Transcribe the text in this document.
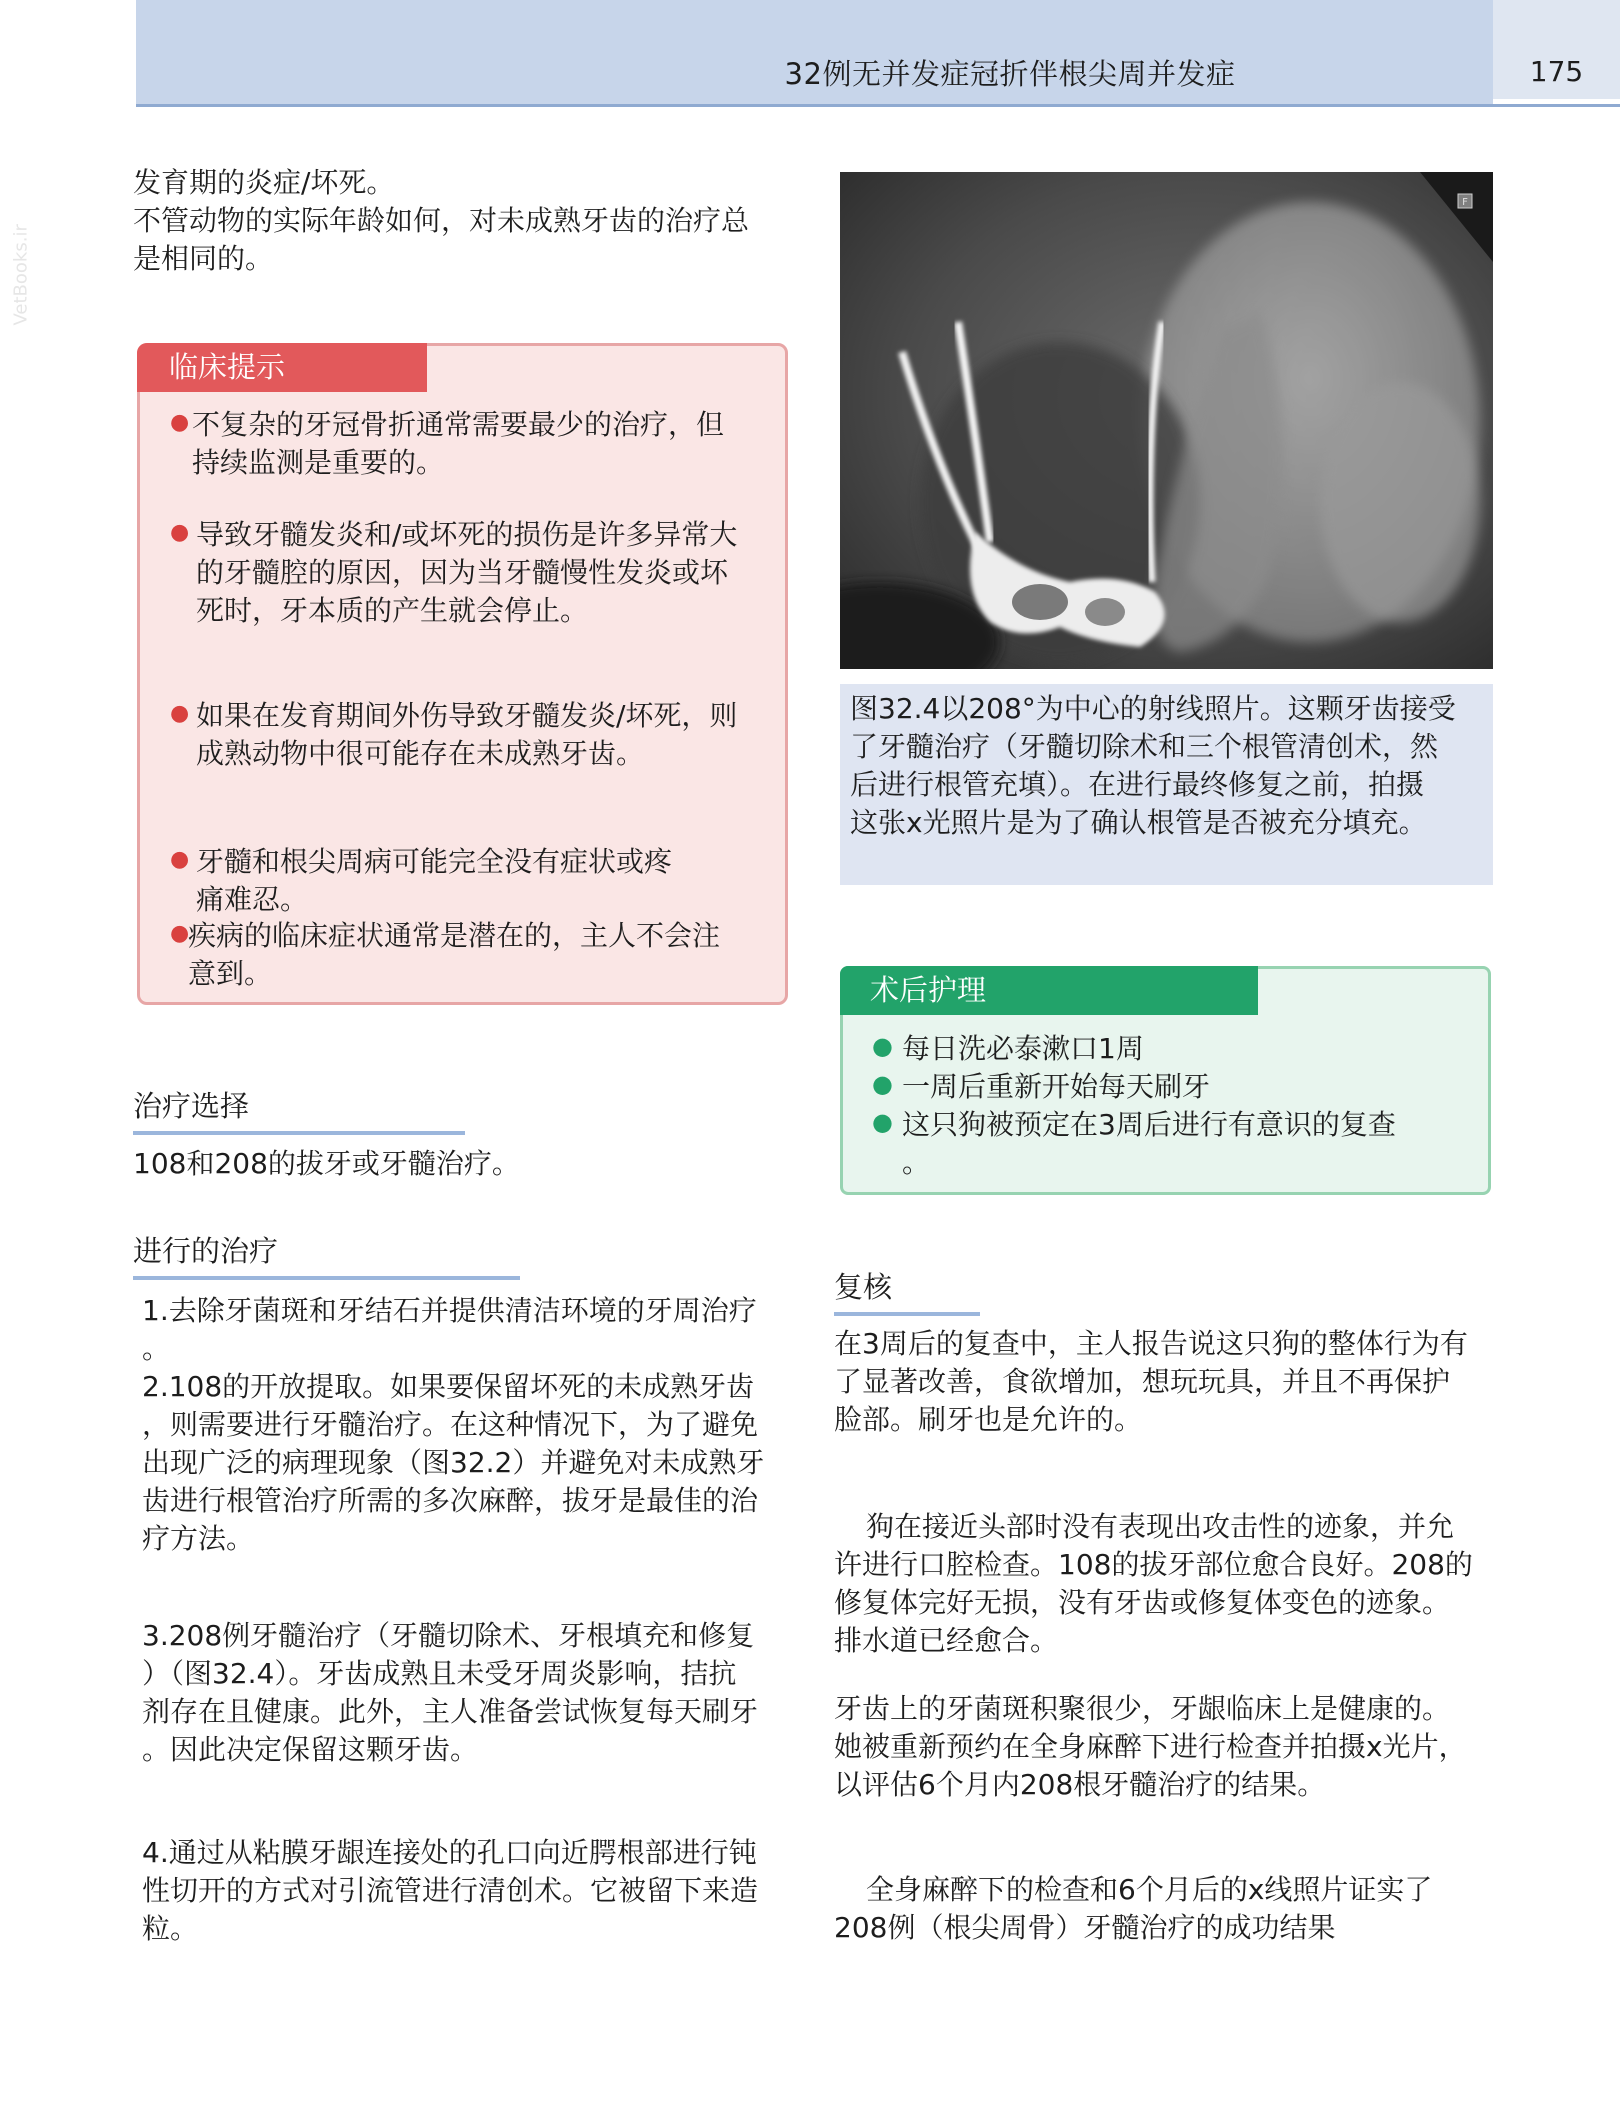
32例无并发症冠折伴根尖周并发症	175
VetBooks.ir

发育期的炎症/坏死。

不管动物的实际年龄如何，对未成熟牙齿的治疗总

是相同的。

临床提示
● 不复杂的牙冠骨折通常需要最少的治疗，但
持续监测是重要的。
● 导致牙髓发炎和/或坏死的损伤是许多异常大
的牙髓腔的原因，因为当牙髓慢性发炎或坏
死时，牙本质的产生就会停止。
● 如果在发育期间外伤导致牙髓发炎/坏死，则
成熟动物中很可能存在未成熟牙齿。
● 牙髓和根尖周病可能完全没有症状或疼
痛难忍。
●
疾病的临床症状通常是潜在的，主人不会注
意到。
治疗选择

108和208的拔牙或牙髓治疗。

进行的治疗

1.去除牙菌斑和牙结石并提供清洁环境的牙周治疗

。

2.108的开放提取。如果要保留坏死的未成熟牙齿

，则需要进行牙髓治疗。在这种情况下，为了避免

出现广泛的病理现象（图32.2）并避免对未成熟牙

齿进行根管治疗所需的多次麻醉，拔牙是最佳的治

疗方法。

3.208例牙髓治疗（牙髓切除术、牙根填充和修复

）（图32.4）。牙齿成熟且未受牙周炎影响，拮抗

剂存在且健康。此外，主人准备尝试恢复每天刷牙

。因此决定保留这颗牙齿。

4.通过从粘膜牙龈连接处的孔口向近腭根部进行钝

性切开的方式对引流管进行清创术。它被留下来造

粒。

F

图32.4以208°为中心的射线照片。这颗牙齿接受

了牙髓治疗（牙髓切除术和三个根管清创术，然

后进行根管充填）。在进行最终修复之前，拍摄

这张x光照片是为了确认根管是否被充分填充。

术后护理
● 每日洗必泰漱口1周
● 一周后重新开始每天刷牙
● 这只狗被预定在3周后进行有意识的复查
。
复核

在3周后的复查中，主人报告说这只狗的整体行为有

了显著改善，食欲增加，想玩玩具，并且不再保护

脸部。刷牙也是允许的。

狗在接近头部时没有表现出攻击性的迹象，并允

许进行口腔检查。108的拔牙部位愈合良好。208的

修复体完好无损，没有牙齿或修复体变色的迹象。

排水道已经愈合。

牙齿上的牙菌斑积聚很少，牙龈临床上是健康的。

她被重新预约在全身麻醉下进行检查并拍摄x光片，

以评估6个月内208根牙髓治疗的结果。

全身麻醉下的检查和6个月后的x线照片证实了

208例（根尖周骨）牙髓治疗的成功结果
